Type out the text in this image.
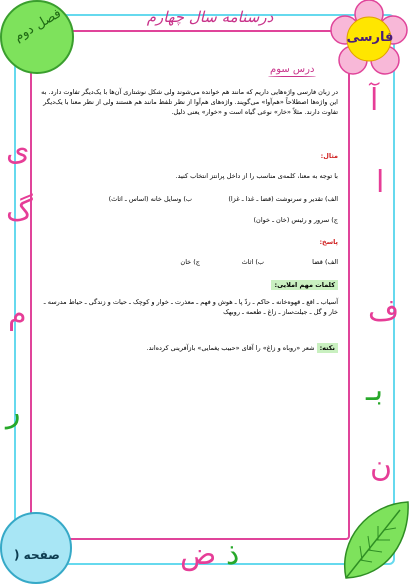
درسنامه سال چهارم
فصل دوم	فارسی
صفحه (
آ
ا
ف
بـ
ن
ی
گ
م
ر
ض ذ
درس سوم
در زبان فارسی واژه‌هایی داریم که مانند هم خوانده می‌شوند ولی شکل نوشتاری آن‌ها با یک‌دیگر تفاوت دارد. به این واژه‌ها اصطلاحاً «هم‌آوا» می‌گویند. واژه‌های هم‌آوا از نظر تلفظ مانند هم هستند ولی از نظر معنا با یک‌دیگر تفاوت دارند. مثلاً «خار» نوعی گیاه است و «خوار» یعنی ذلیل.
مثال:
با توجه به معنا، کلمه‌ی مناسب را از داخل پرانتز انتخاب کنید.
الف) تقدیر و سرنوشت (قضا ـ غذا ـ غزا)
ب) وسایل خانه (اساس ـ اثاث)
ج) سرور و رئیس (خان ـ خوان)
پاسخ:
الف) قضا
ب) اثاث
ج) خان
کلمات مهم املایی:
آسیاب ـ اقع ـ قهوه‌خانه ـ حاکم ـ ردّ پا ـ هوش و فهم ـ معذرت ـ خوار و کوچک ـ حیات و زندگی ـ حیاط مدرسه ـ خار و گل ـ جیلت‌ساز ـ زاغ ـ طعمه ـ روبهک
نکته: شعر «روباه و زاغ» را آقای «حبیب یغمایی» بازآفرینی کرده‌اند.
